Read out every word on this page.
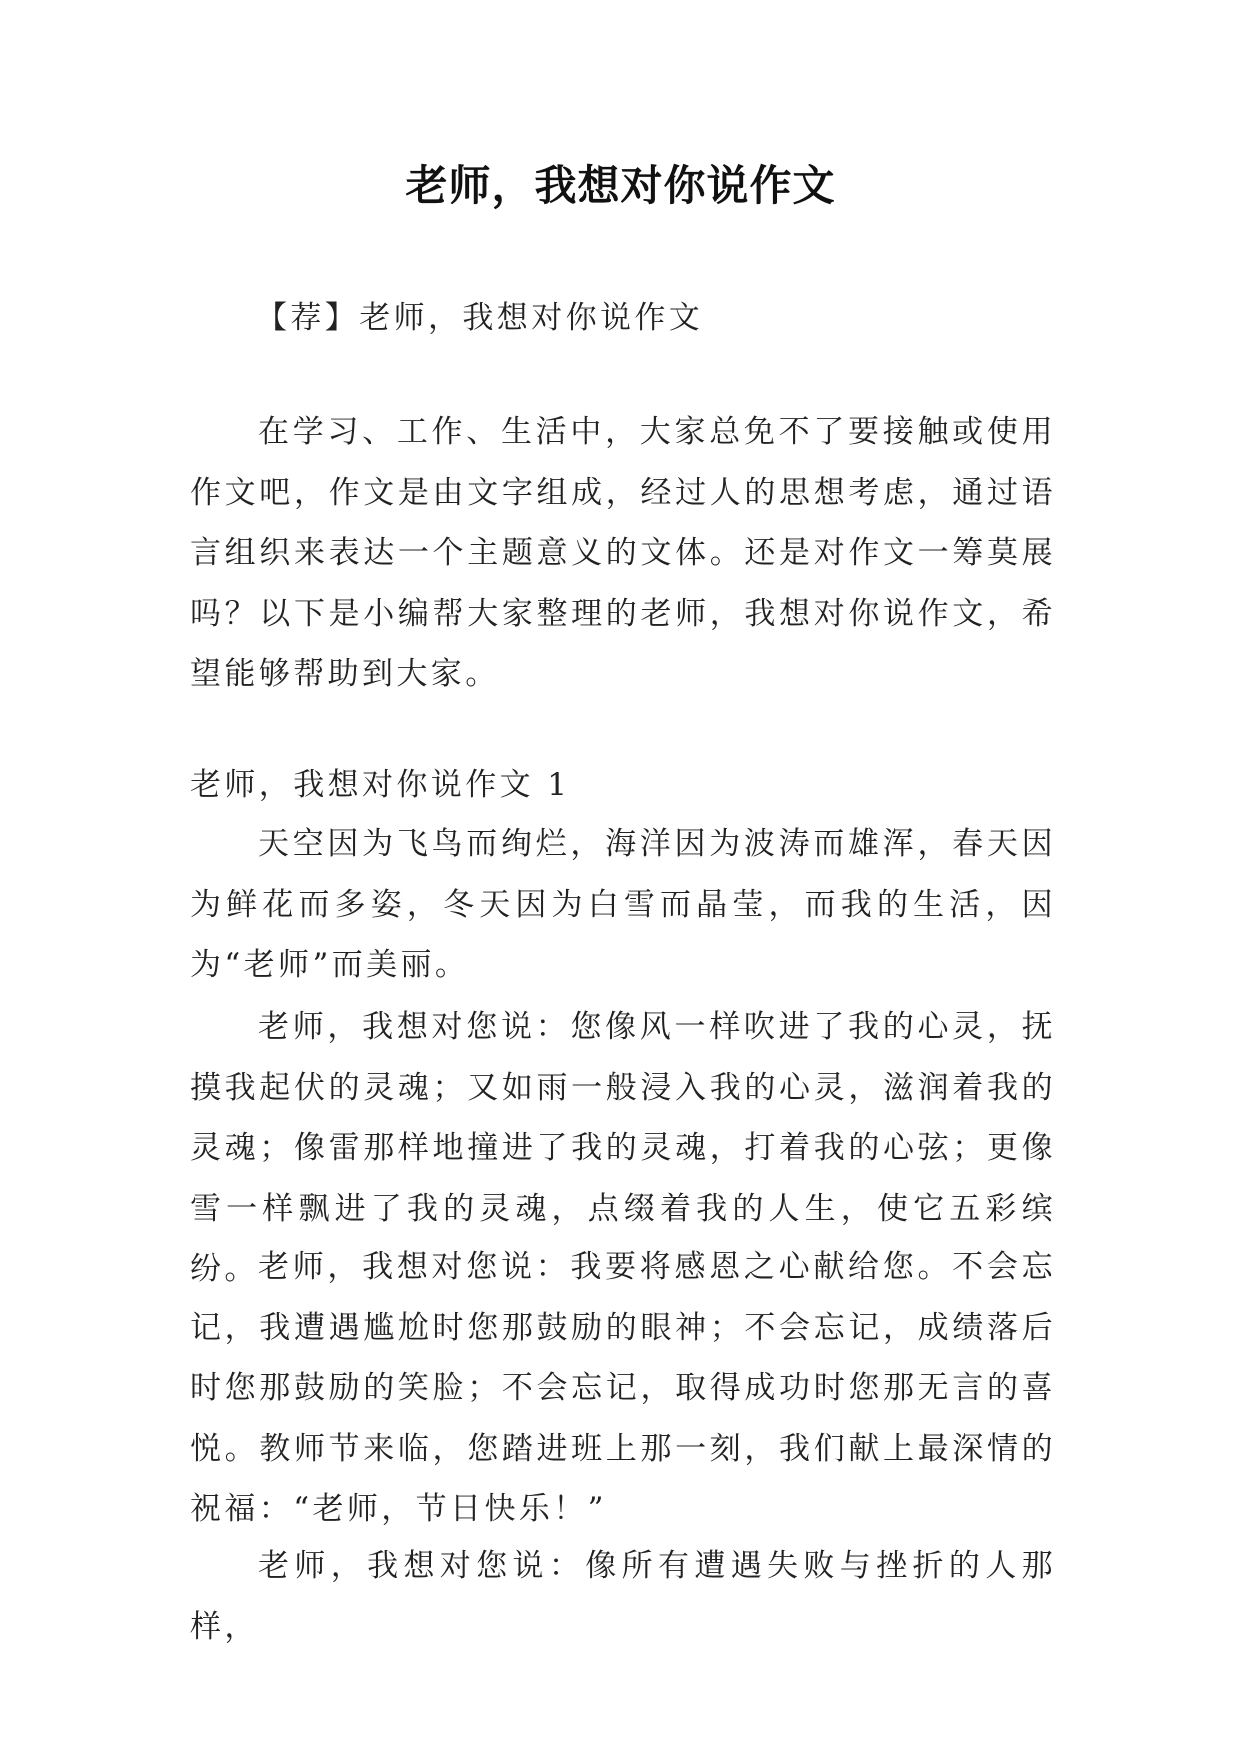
老师，我想对你说作文
【荐】老师，我想对你说作文
在学习、工作、生活中，大家总免不了要接触或使用作文吧，作文是由文字组成，经过人的思想考虑，通过语言组织来表达一个主题意义的文体。还是对作文一筹莫展吗？以下是小编帮大家整理的老师，我想对你说作文，希望能够帮助到大家。
老师，我想对你说作文 1
天空因为飞鸟而绚烂，海洋因为波涛而雄浑，春天因为鲜花而多姿，冬天因为白雪而晶莹，而我的生活，因为“老师”而美丽。
老师，我想对您说：您像风一样吹进了我的心灵，抚摸我起伏的灵魂；又如雨一般浸入我的心灵，滋润着我的灵魂；像雷那样地撞进了我的灵魂，打着我的心弦；更像雪一样飘进了我的灵魂，点缀着我的人生，使它五彩缤纷。 老师，我想对您说：我要将感恩之心献给您。不会忘记，我遭遇尴尬时您那鼓励的眼神；不会忘记，成绩落后时您那鼓励的笑脸；不会忘记，取得成功时您那无言的喜悦。教师节来临，您踏进班上那一刻，我们献上最深情的祝福：“老师，节日快乐！”
老师，我想对您说：像所有遭遇失败与挫折的人那样，
